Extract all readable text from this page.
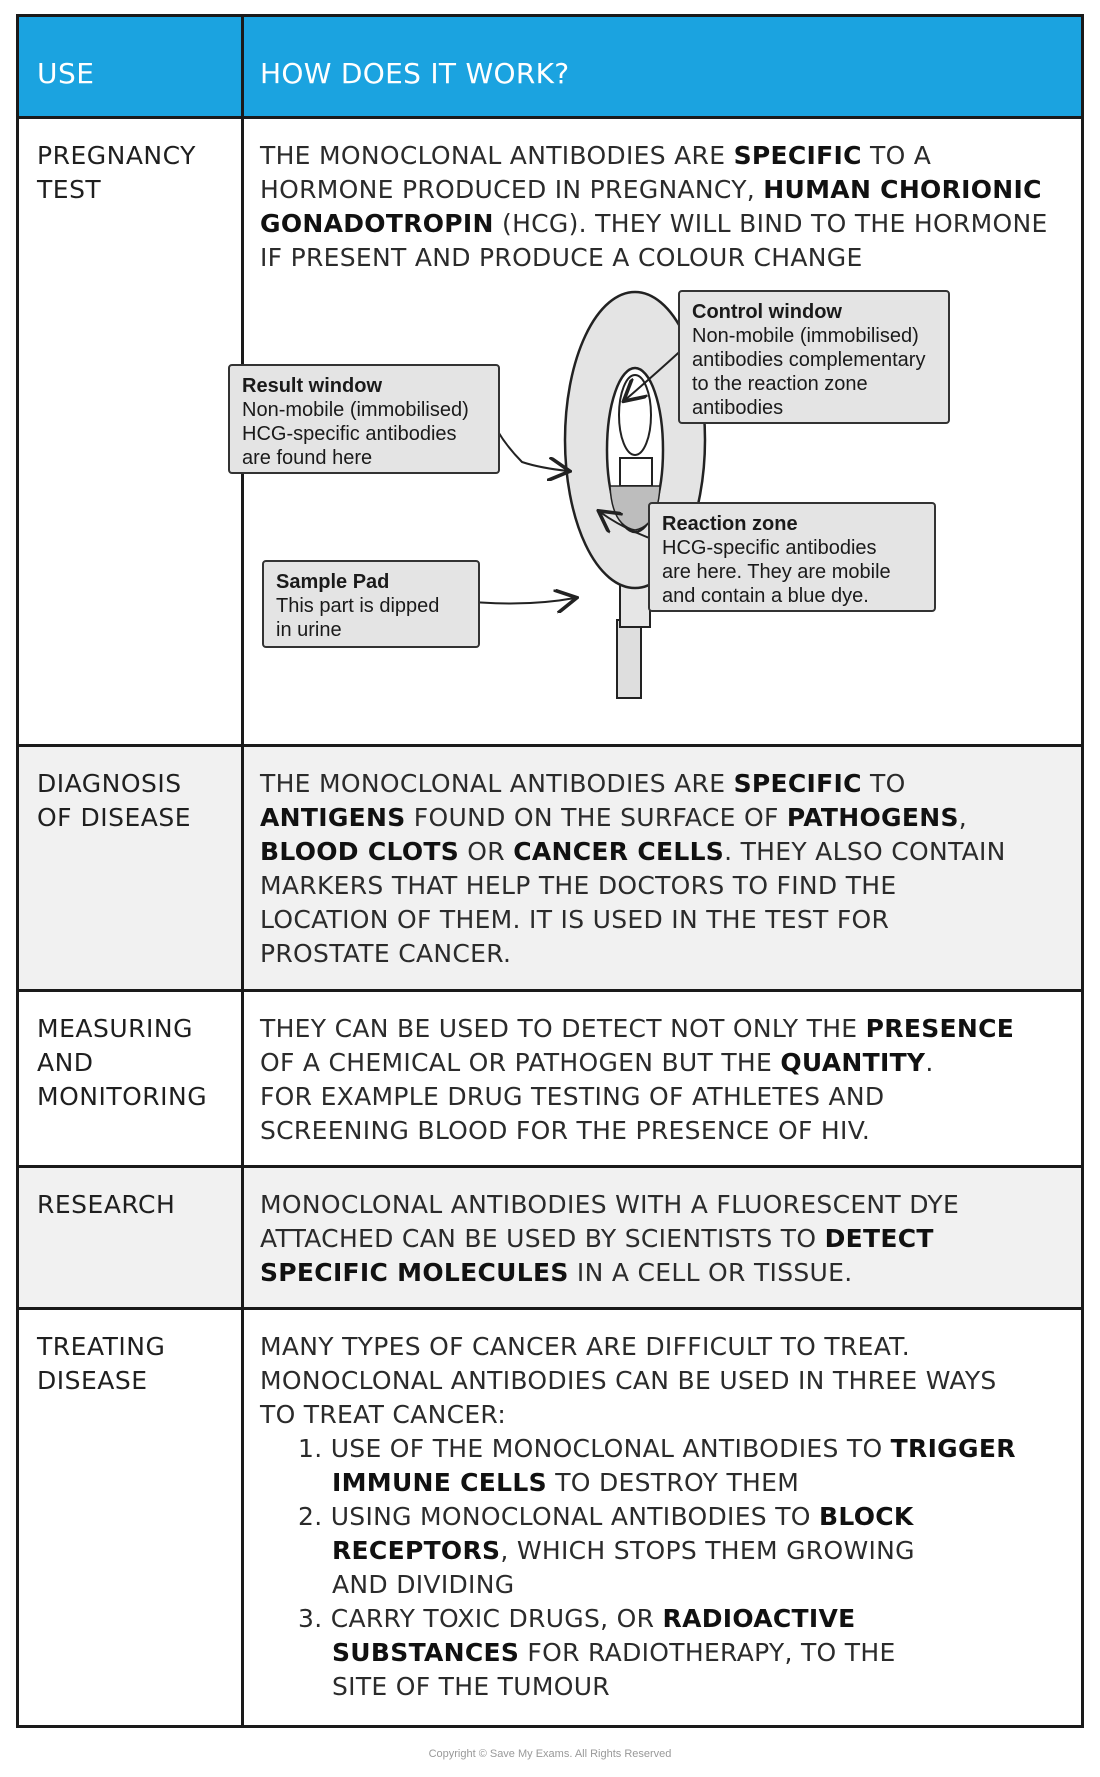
USE	HOW DOES IT WORK?
PREGNANCY
TEST
THE MONOCLONAL ANTIBODIES ARE SPECIFIC TO A
HORMONE PRODUCED IN PREGNANCY, HUMAN CHORIONIC
GONADOTROPIN (HCG). THEY WILL BIND TO THE HORMONE
IF PRESENT AND PRODUCE A COLOUR CHANGE
DIAGNOSIS
OF DISEASE
THE MONOCLONAL ANTIBODIES ARE SPECIFIC TO
ANTIGENS FOUND ON THE SURFACE OF PATHOGENS,
BLOOD CLOTS OR CANCER CELLS. THEY ALSO CONTAIN
MARKERS THAT HELP THE DOCTORS TO FIND THE
LOCATION OF THEM. IT IS USED IN THE TEST FOR
PROSTATE CANCER.
MEASURING
AND
MONITORING
THEY CAN BE USED TO DETECT NOT ONLY THE PRESENCE
OF A CHEMICAL OR PATHOGEN BUT THE QUANTITY.
FOR EXAMPLE DRUG TESTING OF ATHLETES AND
SCREENING BLOOD FOR THE PRESENCE OF HIV.
RESEARCH	MONOCLONAL ANTIBODIES WITH A FLUORESCENT DYE
ATTACHED CAN BE USED BY SCIENTISTS TO DETECT
SPECIFIC MOLECULES IN A CELL OR TISSUE.
TREATING
DISEASE
MANY TYPES OF CANCER ARE DIFFICULT TO TREAT.
MONOCLONAL ANTIBODIES CAN BE USED IN THREE WAYS
TO TREAT CANCER:
1. USE OF THE MONOCLONAL ANTIBODIES TO TRIGGER
IMMUNE CELLS TO DESTROY THEM
2. USING MONOCLONAL ANTIBODIES TO BLOCK
RECEPTORS, WHICH STOPS THEM GROWING
AND DIVIDING
3. CARRY TOXIC DRUGS, OR RADIOACTIVE
SUBSTANCES FOR RADIOTHERAPY, TO THE
SITE OF THE TUMOUR
Control window
Non-mobile (immobilised)
antibodies complementary
to the reaction zone
antibodies
Result window
Non-mobile (immobilised)
HCG-specific antibodies
are found here
Reaction zone
HCG-specific antibodies
are here. They are mobile
and contain a blue dye.
Sample Pad
This part is dipped
in urine
Copyright © Save My Exams. All Rights Reserved
